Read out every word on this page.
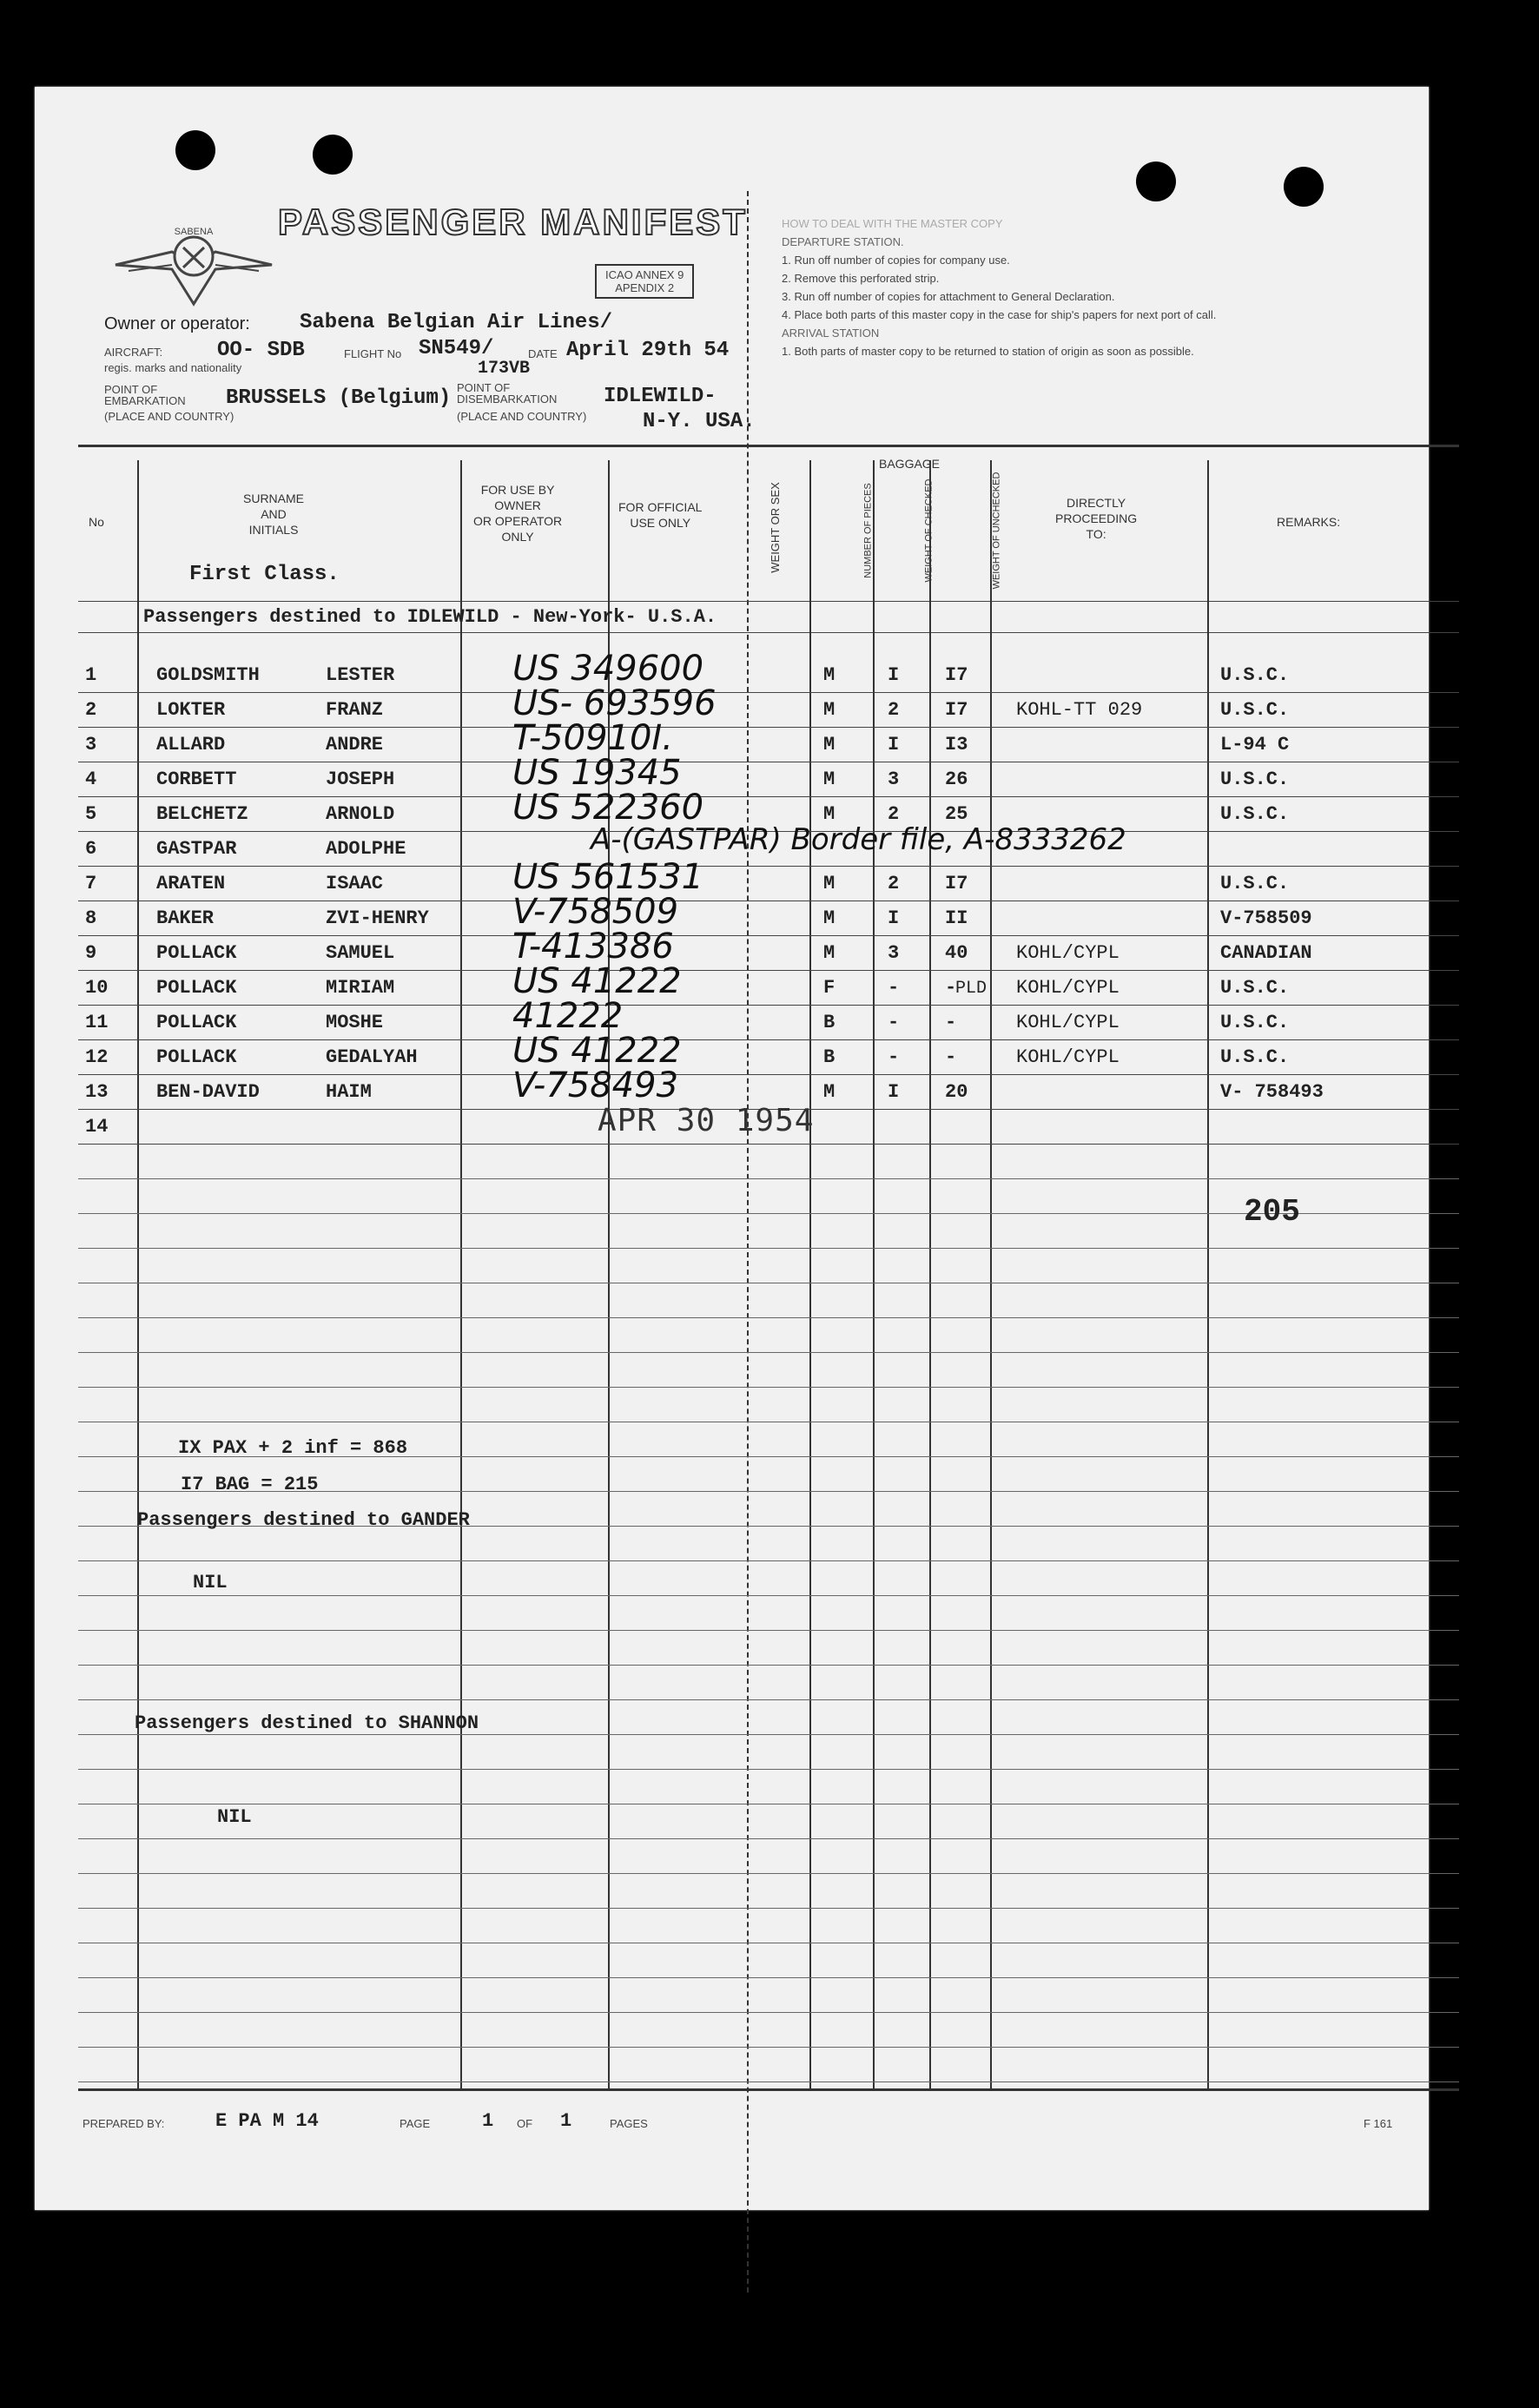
SABENA PASSENGER MANIFEST
ICAO ANNEX 9
APENDIX 2
Owner or operator: Sabena Belgian Air Lines/
AIRCRAFT:
regis. marks and nationality
OO- SDB	FLIGHT No SN549/
173VB
DATE April 29th 54
POINT OF EMBARKATION
(PLACE AND COUNTRY)
BRUSSELS (Belgium) POINT OF DISEMBARKATION
(PLACE AND COUNTRY)
IDLEWILD-
N-Y. USA.
HOW TO DEAL WITH THE MASTER COPY
DEPARTURE STATION.
1. Run off number of copies for company use.
2. Remove this perforated strip.
3. Run off number of copies for attachment to General Declaration.
4. Place both parts of this master copy in the case for ship's papers for next port of call.
ARRIVAL STATION
1. Both parts of master copy to be returned to station of origin as soon as possible.
No
SURNAME
AND
INITIALS
FOR USE BY
OWNER
OR OPERATOR
ONLY
FOR OFFICIAL
USE ONLY	WEIGHT OR SEX
BAGGAGE
NUMBER OF PIECES	WEIGHT OF CHECKED	WEIGHT OF UNCHECKED	DIRECTLY
PROCEEDING
TO:
REMARKS:
First Class.
Passengers destined to IDLEWILD - New-York- U.S.A.
1	GOLDSMITH	LESTER	M	I I7	U.S.C.
US 349600
2	LOKTER	FRANZ	M	2 I7	KOHL-TT 029	U.S.C.
US- 693596
3	ALLARD	ANDRE	M	I I3	L-94 C
T-50910I.
4	CORBETT	JOSEPH	M	3 26	U.S.C.
US 19345
5	BELCHETZ	ARNOLD	M	2 25	U.S.C.
US 522360
6	GASTPAR	ADOLPHE	A-(GASTPAR) Border file, A-8333262
7	ARATEN	ISAAC	M	2 I7	U.S.C.
US 561531
8	BAKER	ZVI-HENRY	M	I II	V-758509
V-758509
9	POLLACK	SAMUEL	M	3 40	KOHL/CYPL	CANADIAN
T-413386
10	POLLACK	MIRIAM	F	- -	KOHL/CYPL	U.S.C.
US 41222
11	POLLACK	MOSHE	B	- -	KOHL/CYPL	U.S.C.
41222
12	POLLACK	GEDALYAH	B	- -	KOHL/CYPL	U.S.C.
US 41222
13	BEN-DAVID	HAIM	M	I 20	V- 758493
V-758493
14	APR 30 1954
205
PLD
IX PAX + 2 inf = 868
I7 BAG = 215
Passengers destined to GANDER
NIL
Passengers destined to SHANNON
NIL
PREPARED BY:	E PA M 14	PAGE	1 OF 1	PAGES	F 161
